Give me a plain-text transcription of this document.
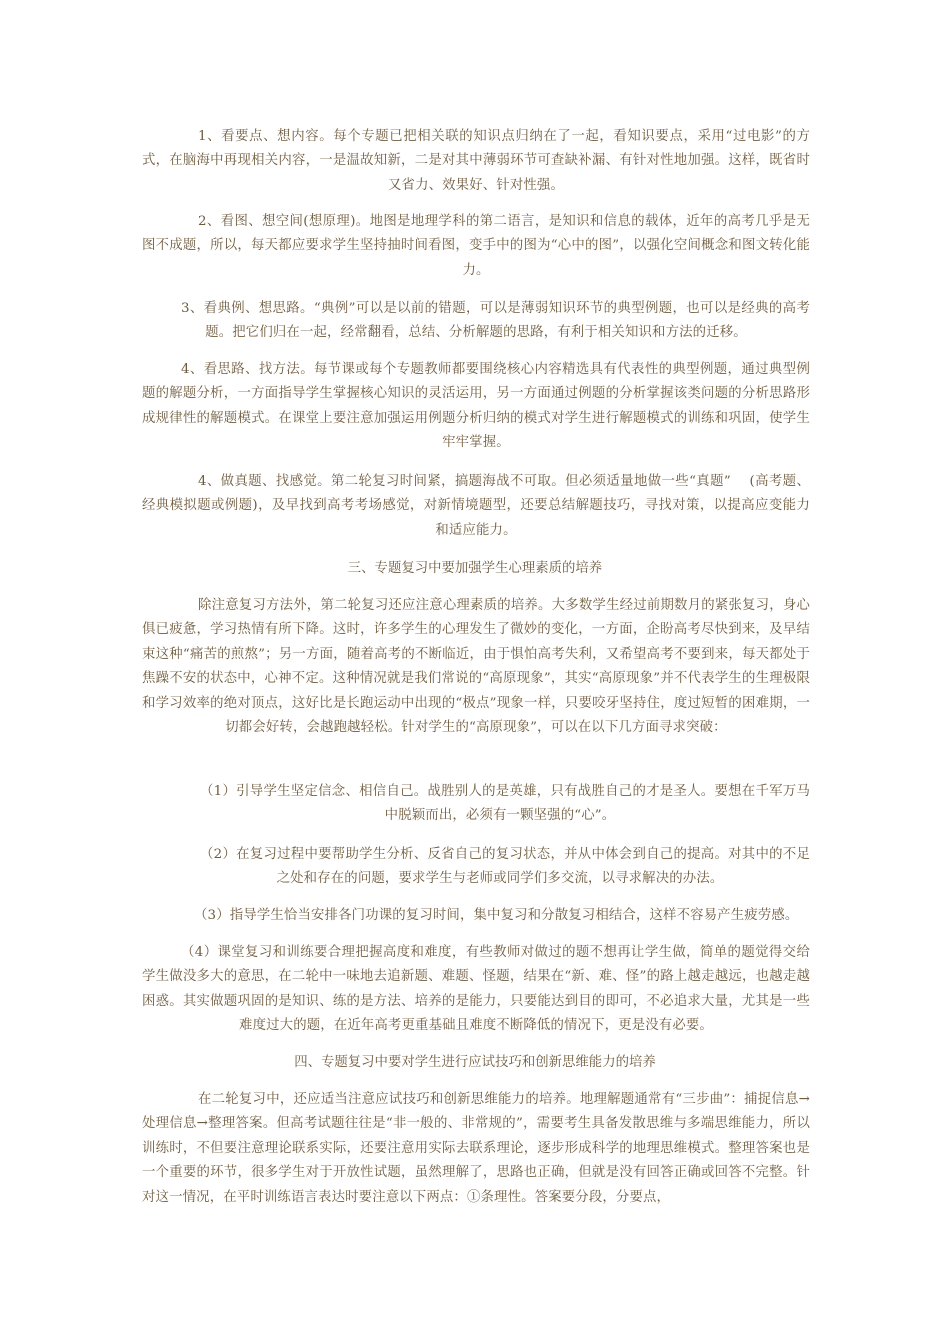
1、看要点、想内容。每个专题已把相关联的知识点归纳在了一起，看知识要点，采用“过电影”的方式，在脑海中再现相关内容，一是温故知新，二是对其中薄弱环节可查缺补漏、有针对性地加强。这样，既省时又省力、效果好、针对性强。

2、看图、想空间(想原理)。地图是地理学科的第二语言，是知识和信息的载体，近年的高考几乎是无图不成题，所以，每天都应要求学生坚持抽时间看图，变手中的图为“心中的图”，以强化空间概念和图文转化能力。

3、看典例、想思路。“典例”可以是以前的错题，可以是薄弱知识环节的典型例题，也可以是经典的高考题。把它们归在一起，经常翻看，总结、分析解题的思路，有利于相关知识和方法的迁移。

4、看思路、找方法。每节课或每个专题教师都要围绕核心内容精选具有代表性的典型例题，通过典型例题的解题分析，一方面指导学生掌握核心知识的灵活运用，另一方面通过例题的分析掌握该类问题的分析思路形成规律性的解题模式。在课堂上要注意加强运用例题分析归纳的模式对学生进行解题模式的训练和巩固，使学生牢牢掌握。

4、做真题、找感觉。第二轮复习时间紧，搞题海战不可取。但必须适量地做一些“真题”　 (高考题、经典模拟题或例题)，及早找到高考考场感觉，对新情境题型，还要总结解题技巧，寻找对策，以提高应变能力和适应能力。

三、专题复习中要加强学生心理素质的培养

除注意复习方法外，第二轮复习还应注意心理素质的培养。大多数学生经过前期数月的紧张复习，身心俱已疲惫，学习热情有所下降。这时，许多学生的心理发生了微妙的变化，一方面，企盼高考尽快到来，及早结束这种“痛苦的煎熬”；另一方面，随着高考的不断临近，由于惧怕高考失利，又希望高考不要到来，每天都处于焦躁不安的状态中，心神不定。这种情况就是我们常说的“高原现象”，其实“高原现象”并不代表学生的生理极限和学习效率的绝对顶点，这好比是长跑运动中出现的“极点”现象一样，只要咬牙坚持住，度过短暂的困难期，一切都会好转，会越跑越轻松。针对学生的“高原现象”，可以在以下几方面寻求突破：

（1）引导学生坚定信念、相信自己。战胜别人的是英雄，只有战胜自己的才是圣人。要想在千军万马中脱颖而出，必须有一颗坚强的“心”。

（2）在复习过程中要帮助学生分析、反省自己的复习状态，并从中体会到自己的提高。对其中的不足之处和存在的问题，要求学生与老师或同学们多交流，以寻求解决的办法。

（3）指导学生恰当安排各门功课的复习时间，集中复习和分散复习相结合，这样不容易产生疲劳感。

（4）课堂复习和训练要合理把握高度和难度，有些教师对做过的题不想再让学生做，简单的题觉得交给学生做没多大的意思，在二轮中一味地去追新题、难题、怪题，结果在“新、难、怪”的路上越走越远，也越走越困惑。其实做题巩固的是知识、练的是方法、培养的是能力，只要能达到目的即可，不必追求大量，尤其是一些难度过大的题，在近年高考更重基础且难度不断降低的情况下，更是没有必要。

四、专题复习中要对学生进行应试技巧和创新思维能力的培养

在二轮复习中，还应适当注意应试技巧和创新思维能力的培养。地理解题通常有“三步曲”：捕捉信息→处理信息→整理答案。但高考试题往往是“非一般的、非常规的”，需要考生具备发散思维与多端思维能力，所以训练时，不但要注意理论联系实际，还要注意用实际去联系理论，逐步形成科学的地理思维模式。整理答案也是一个重要的环节，很多学生对于开放性试题，虽然理解了，思路也正确，但就是没有回答正确或回答不完整。针对这一情况，在平时训练语言表达时要注意以下两点：①条理性。答案要分段，分要点，
